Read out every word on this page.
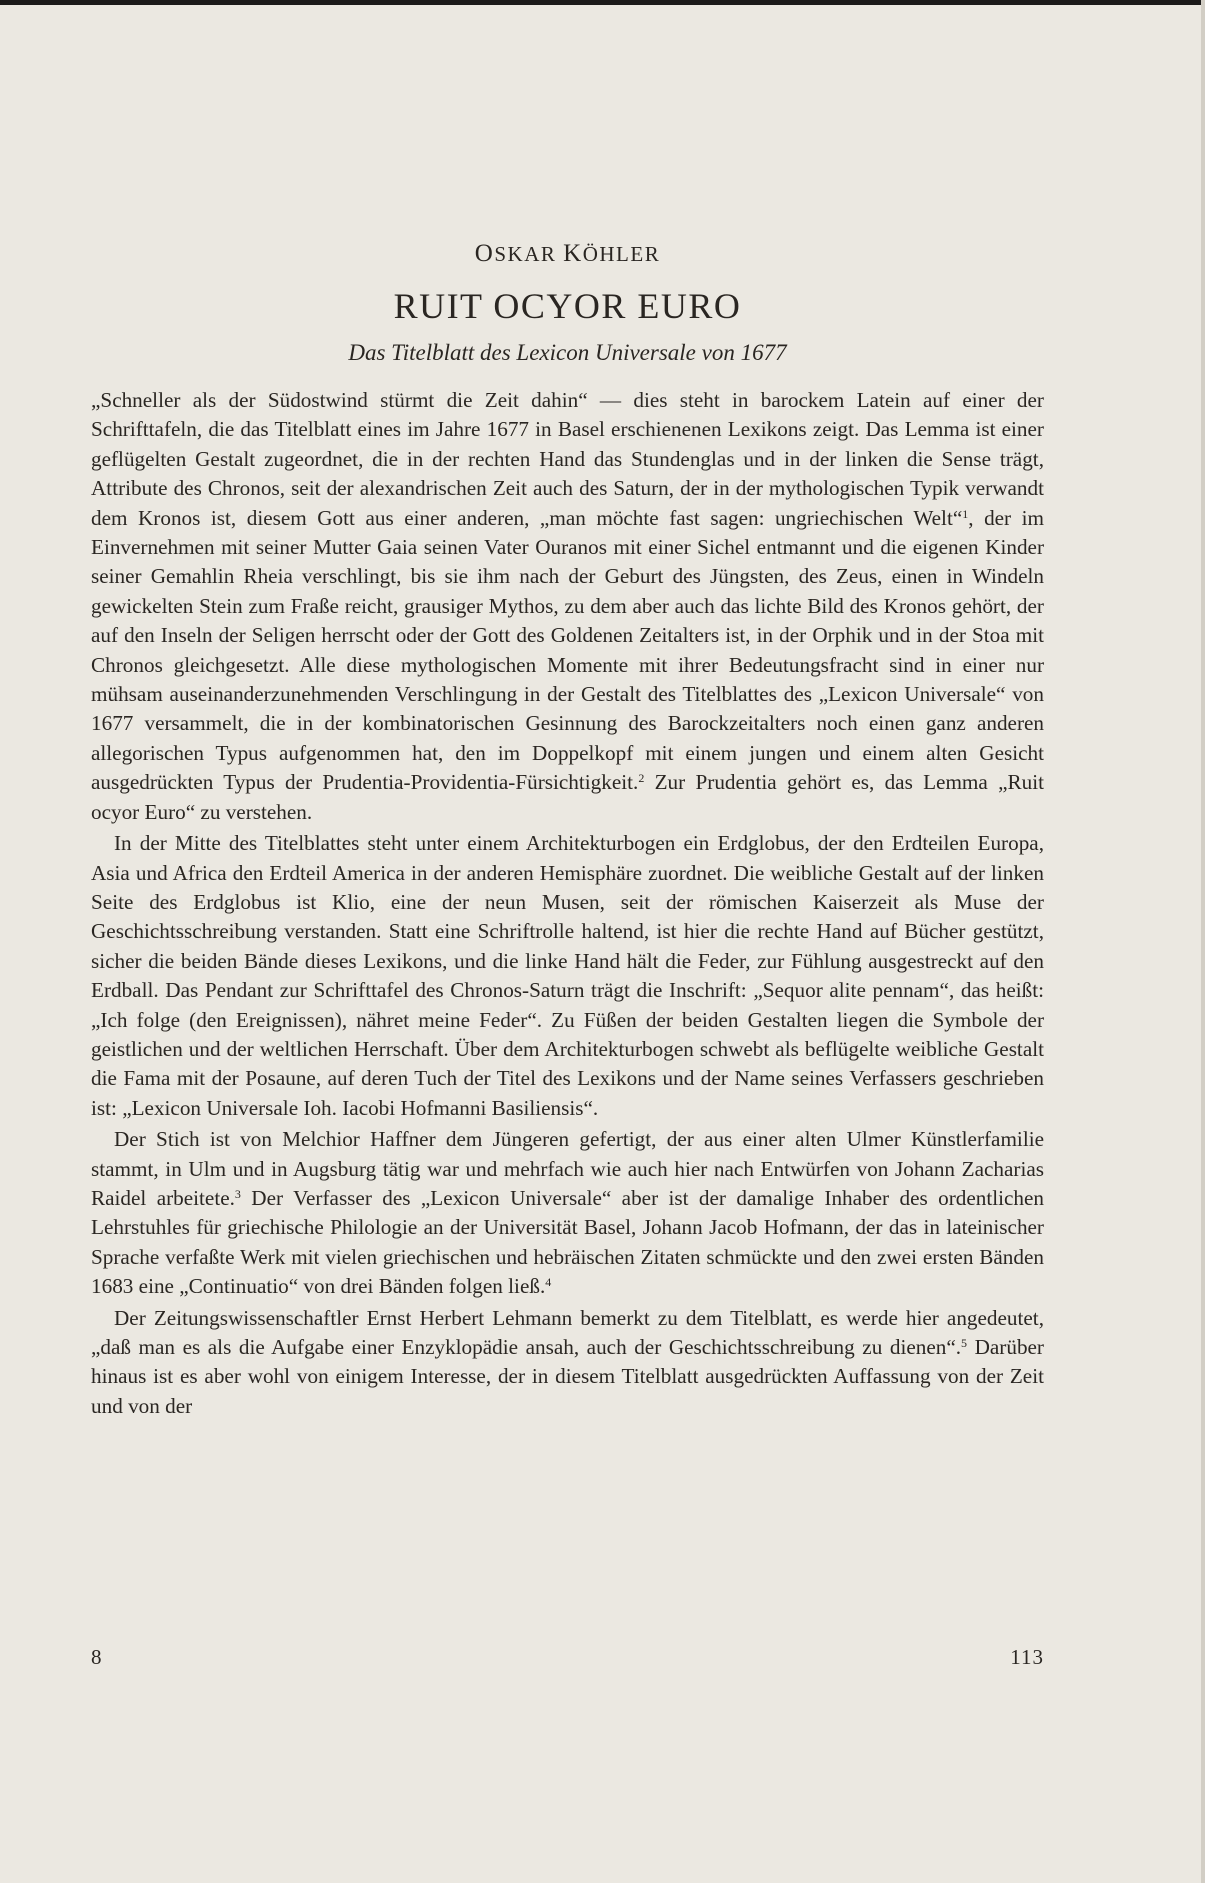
OSKAR KÖHLER

RUIT OCYOR EURO

Das Titelblatt des Lexicon Universale von 1677

„Schneller als der Südostwind stürmt die Zeit dahin“ — dies steht in barockem Latein auf einer der Schrifttafeln, die das Titelblatt eines im Jahre 1677 in Basel erschienenen Lexikons zeigt. Das Lemma ist einer geflügelten Gestalt zugeordnet, die in der rechten Hand das Stundenglas und in der linken die Sense trägt, Attribute des Chronos, seit der alexandrischen Zeit auch des Saturn, der in der mythologischen Typik verwandt dem Kronos ist, diesem Gott aus einer anderen, „man möchte fast sagen: ungriechischen Welt“$^1$, der im Einvernehmen mit seiner Mutter Gaia seinen Vater Ouranos mit einer Sichel entmannt und die eigenen Kinder seiner Gemahlin Rheia verschlingt, bis sie ihm nach der Geburt des Jüngsten, des Zeus, einen in Windeln gewickelten Stein zum Fraße reicht, grausiger Mythos, zu dem aber auch das lichte Bild des Kronos gehört, der auf den Inseln der Seligen herrscht oder der Gott des Goldenen Zeitalters ist, in der Orphik und in der Stoa mit Chronos gleichgesetzt. Alle diese mythologischen Momente mit ihrer Bedeutungsfracht sind in einer nur mühsam auseinanderzunehmenden Verschlingung in der Gestalt des Titelblattes des „Lexicon Universale“ von 1677 versammelt, die in der kombinatorischen Gesinnung des Barockzeitalters noch einen ganz anderen allegorischen Typus aufgenommen hat, den im Doppelkopf mit einem jungen und einem alten Gesicht ausgedrückten Typus der Prudentia-Providentia-Fürsichtigkeit.$^2$ Zur Prudentia gehört es, das Lemma „Ruit ocyor Euro“ zu verstehen.

In der Mitte des Titelblattes steht unter einem Architekturbogen ein Erdglobus, der den Erdteilen Europa, Asia und Africa den Erdteil America in der anderen Hemisphäre zuordnet. Die weibliche Gestalt auf der linken Seite des Erdglobus ist Klio, eine der neun Musen, seit der römischen Kaiserzeit als Muse der Geschichtsschreibung verstanden. Statt eine Schriftrolle haltend, ist hier die rechte Hand auf Bücher gestützt, sicher die beiden Bände dieses Lexikons, und die linke Hand hält die Feder, zur Fühlung ausgestreckt auf den Erdball. Das Pendant zur Schrifttafel des Chronos-Saturn trägt die Inschrift: „Sequor alite pennam“, das heißt: „Ich folge (den Ereignissen), nähret meine Feder“. Zu Füßen der beiden Gestalten liegen die Symbole der geistlichen und der weltlichen Herrschaft. Über dem Architekturbogen schwebt als beflügelte weibliche Gestalt die Fama mit der Posaune, auf deren Tuch der Titel des Lexikons und der Name seines Verfassers geschrieben ist: „Lexicon Universale Ioh. Iacobi Hofmanni Basiliensis“.

Der Stich ist von Melchior Haffner dem Jüngeren gefertigt, der aus einer alten Ulmer Künstlerfamilie stammt, in Ulm und in Augsburg tätig war und mehrfach wie auch hier nach Entwürfen von Johann Zacharias Raidel arbeitete.$^3$ Der Verfasser des „Lexicon Universale“ aber ist der damalige Inhaber des ordentlichen Lehrstuhles für griechische Philologie an der Universität Basel, Johann Jacob Hofmann, der das in lateinischer Sprache verfaßte Werk mit vielen griechischen und hebräischen Zitaten schmückte und den zwei ersten Bänden 1683 eine „Continuatio“ von drei Bänden folgen ließ.$^4$

Der Zeitungswissenschaftler Ernst Herbert Lehmann bemerkt zu dem Titelblatt, es werde hier angedeutet, „daß man es als die Aufgabe einer Enzyklopädie ansah, auch der Geschichtsschreibung zu dienen“.$^5$ Darüber hinaus ist es aber wohl von einigem Interesse, der in diesem Titelblatt ausgedrückten Auffassung von der Zeit und von der

8	113
